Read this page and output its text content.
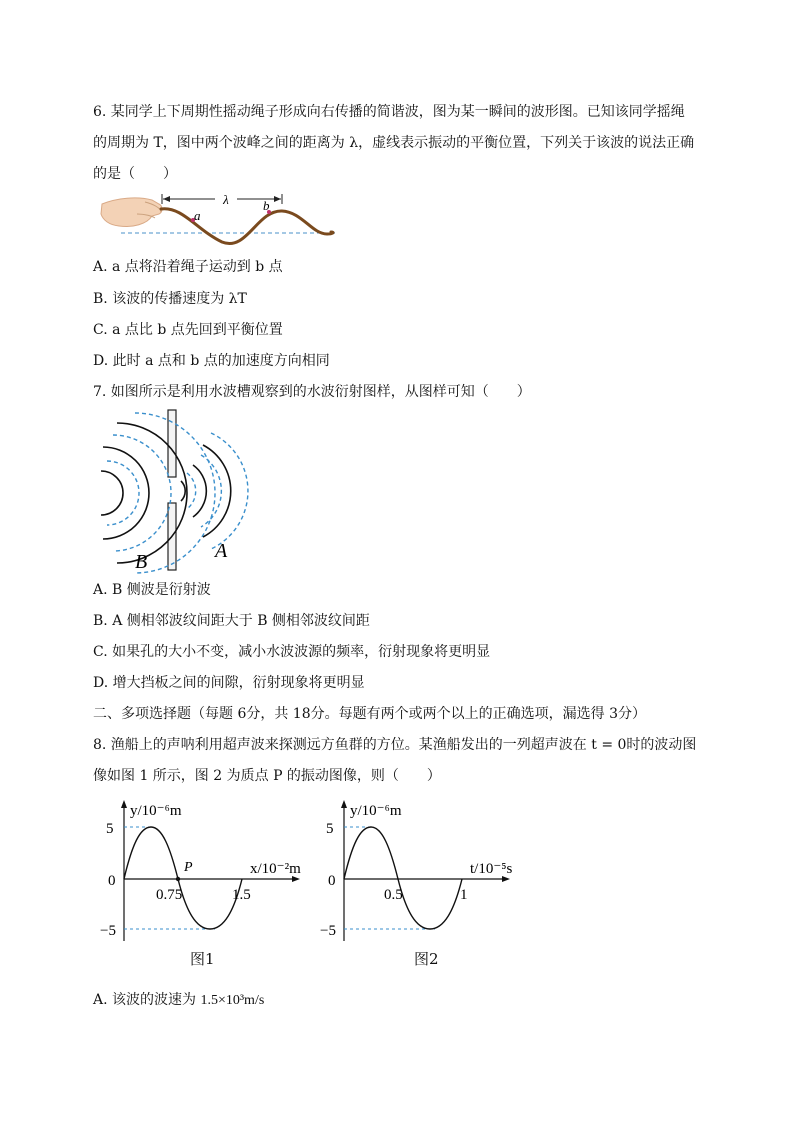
6. 某同学上下周期性摇动绳子形成向右传播的简谐波，图为某一瞬间的波形图。已知该同学摇绳
的周期为 T，图中两个波峰之间的距离为 λ，虚线表示振动的平衡位置，下列关于该波的说法正确
的是（　　）
λ
a
b
A. a 点将沿着绳子运动到 b 点
B. 该波的传播速度为 λT
C. a 点比 b 点先回到平衡位置
D. 此时 a 点和 b 点的加速度方向相同
7. 如图所示是利用水波槽观察到的水波衍射图样，从图样可知（　　）
B	A
A. B 侧波是衍射波
B. A 侧相邻波纹间距大于 B 侧相邻波纹间距
C. 如果孔的大小不变，减小水波波源的频率，衍射现象将更明显
D. 增大挡板之间的间隙，衍射现象将更明显
二、多项选择题（每题 6分，共 18分。每题有两个或两个以上的正确选项，漏选得 3分）
8. 渔船上的声呐利用超声波来探测远方鱼群的方位。某渔船发出的一列超声波在 t = 0时的波动图
像如图 1 所示，图 2 为质点 P 的振动图像，则（　　）
5
0
−5
0.75	1.5
P
y/10⁻⁶m
x/10⁻²m
图1
5
0
−5
0.5	1
y/10⁻⁶m
t/10⁻⁵s
图2
A. 该波的波速为 1.5×10³m/s
